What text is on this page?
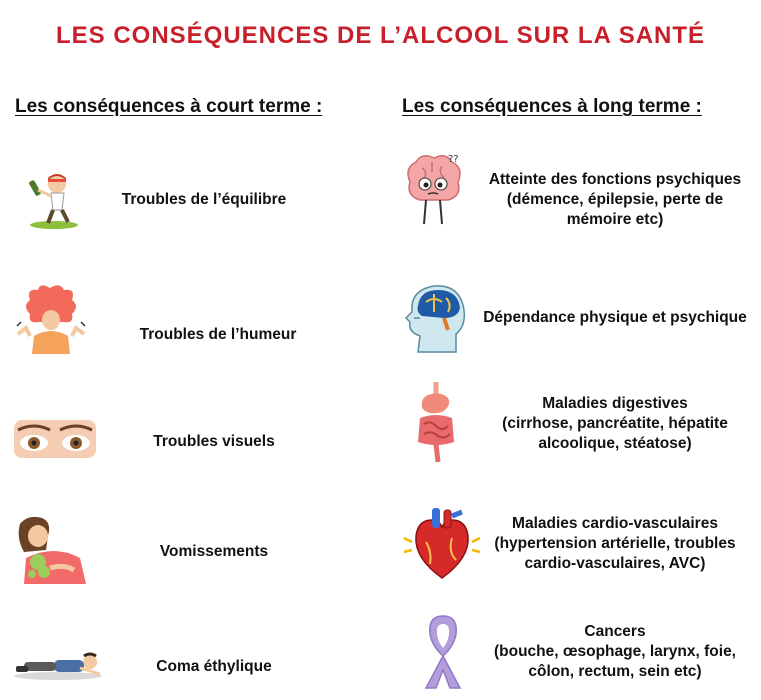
LES CONSÉQUENCES DE L’ALCOOL SUR LA SANTÉ
Les conséquences à court terme :	Les conséquences à long terme :
Troubles de l’équilibre
Troubles de l’humeur
Troubles visuels
Vomissements
Coma éthylique
??
Atteinte des fonctions psychiques
(démence, épilepsie, perte de
mémoire etc)
Dépendance physique et psychique
Maladies digestives
(cirrhose, pancréatite, hépatite
alcoolique, stéatose)
Maladies cardio-vasculaires
(hypertension artérielle, troubles
cardio-vasculaires, AVC)
Cancers
(bouche, œsophage, larynx, foie,
côlon, rectum, sein etc)
